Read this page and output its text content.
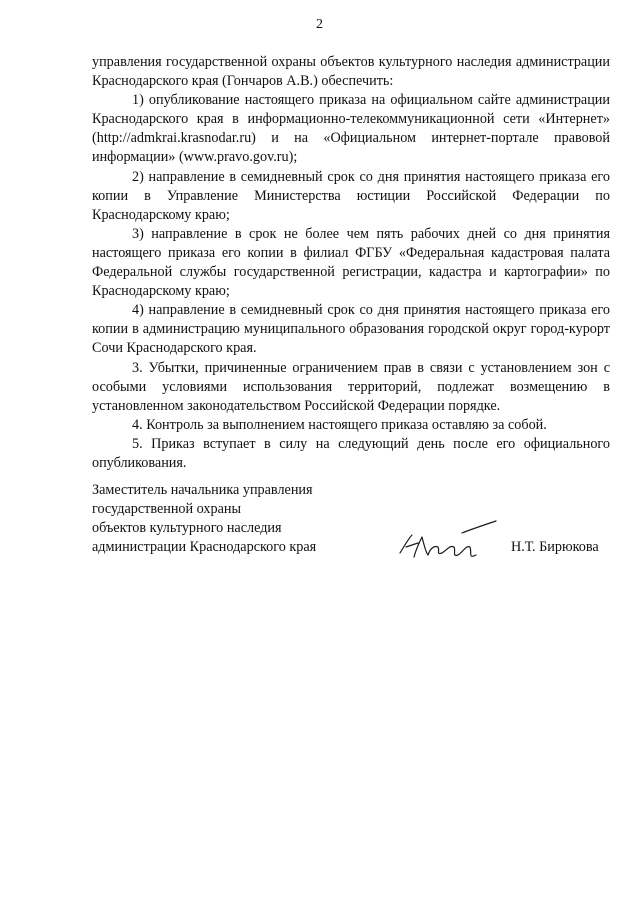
2

управления государственной охраны объектов культурного наследия администрации Краснодарского края (Гончаров А.В.) обеспечить:

1) опубликование настоящего приказа на официальном сайте администрации Краснодарского края в информационно-телекоммуникационной сети «Интернет» (http://admkrai.krasnodar.ru) и на «Официальном интернет-портале правовой информации» (www.pravo.gov.ru);

2) направление в семидневный срок со дня принятия настоящего приказа его копии в Управление Министерства юстиции Российской Федерации по Краснодарскому краю;

3) направление в срок не более чем пять рабочих дней со дня принятия настоящего приказа его копии в филиал ФГБУ «Федеральная кадастровая палата Федеральной службы государственной регистрации, кадастра и картографии» по Краснодарскому краю;

4) направление в семидневный срок со дня принятия настоящего приказа его копии в администрацию муниципального образования городской округ город-курорт Сочи Краснодарского края.

3. Убытки, причиненные ограничением прав в связи с установлением зон с особыми условиями использования территорий, подлежат возмещению в установленном законодательством Российской Федерации порядке.

4. Контроль за выполнением настоящего приказа оставляю за собой.

5. Приказ вступает в силу на следующий день после его официального опубликования.

Заместитель начальника управления
государственной охраны
объектов культурного наследия
администрации Краснодарского края	Н.Т. Бирюкова
